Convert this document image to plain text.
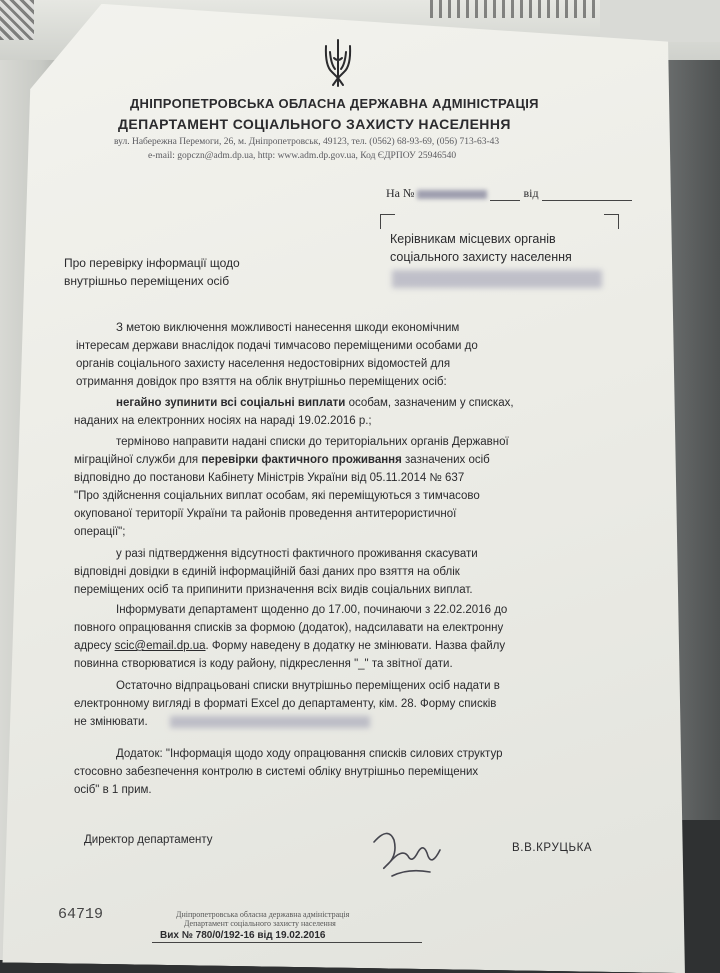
ДНІПРОПЕТРОВСЬКА ОБЛАСНА ДЕРЖАВНА АДМІНІСТРАЦІЯ
ДЕПАРТАМЕНТ СОЦІАЛЬНОГО ЗАХИСТУ НАСЕЛЕННЯ
вул. Набережна Перемоги, 26, м. Дніпропетровськ, 49123, тел. (0562) 68-93-69, (056) 713-63-43
e-mail: gopczn@adm.dp.ua, http: www.adm.dp.gov.ua, Код ЄДРПОУ 25946540
На №	від
Керівникам місцевих органів
соціального захисту населення
Про перевірку інформації щодо
внутрішньо переміщених осіб
З метою виключення можливості нанесення шкоди економічним
інтересам держави внаслідок подачі тимчасово переміщеними особами до
органів соціального захисту населення недостовірних відомостей для
отримання довідок про взяття на облік внутрішньо переміщених осіб:
негайно зупинити всі соціальні виплати особам, зазначеним у списках,
наданих на електронних носіях на нараді 19.02.2016 р.;
терміново направити надані списки до територіальних органів Державної
міграційної служби для перевірки фактичного проживання зазначених осіб
відповідно до постанови Кабінету Міністрів України від 05.11.2014 № 637
"Про здійснення соціальних виплат особам, які переміщуються з тимчасово
окупованої території України та районів проведення антитерористичної
операції";
у разі підтвердження відсутності фактичного проживання скасувати
відповідні довідки в єдиній інформаційній базі даних про взяття на облік
переміщених осіб та припинити призначення всіх видів соціальних виплат.
Інформувати департамент щоденно до 17.00, починаючи з 22.02.2016 до
повного опрацювання списків за формою (додаток), надсилавати на електронну
адресу scic@email.dp.ua. Форму наведену в додатку не змінювати. Назва файлу
повинна створюватися із коду району, підкреслення "_" та звітної дати.
Остаточно відпрацьовані списки внутрішньо переміщених осіб надати в
електронному вигляді в форматі Excel до департаменту, кім. 28. Форму списків
не змінювати.
Додаток: "Інформація щодо ходу опрацювання списків силових структур
стосовно забезпечення контролю в системі обліку внутрішньо переміщених
осіб" в 1 прим.
Директор департаменту
В.В.КРУЦЬКА
64719	Дніпропетровська обласна державна адміністрація
Департамент соціального захисту населення
Вих № 780/0/192-16 від 19.02.2016
